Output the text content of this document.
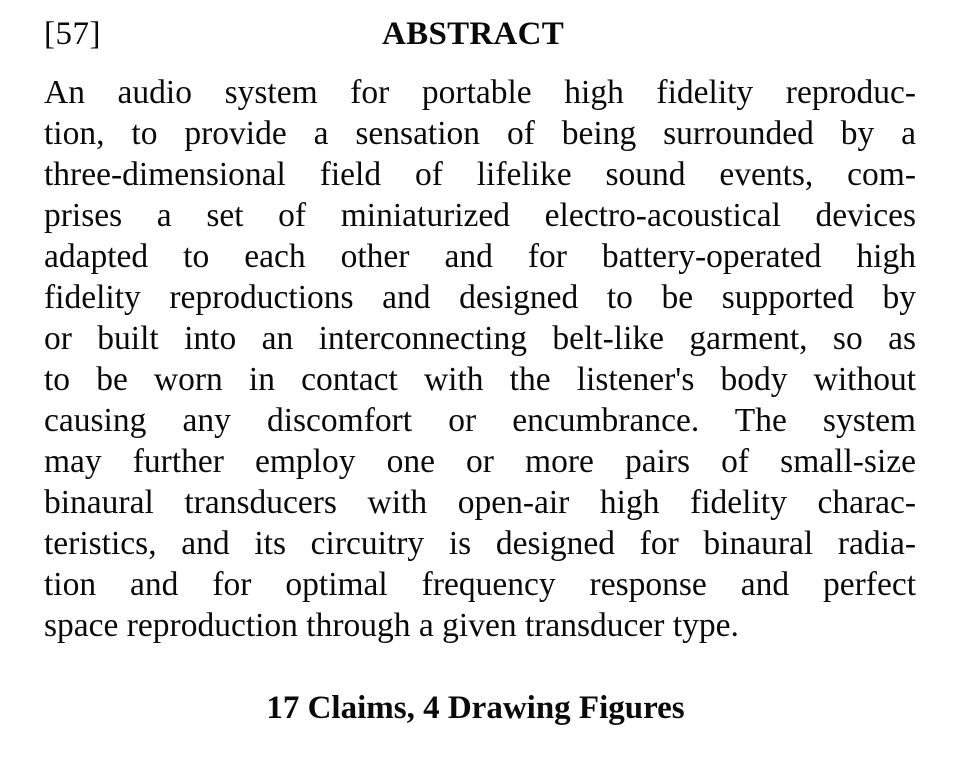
[57]	ABSTRACT
An audio system for portable high fidelity reproduc-
tion, to provide a sensation of being surrounded by a
three-dimensional field of lifelike sound events, com-
prises a set of miniaturized electro-acoustical devices
adapted to each other and for battery-operated high
fidelity reproductions and designed to be supported by
or built into an interconnecting belt-like garment, so as
to be worn in contact with the listener's body without
causing any discomfort or encumbrance. The system
may further employ one or more pairs of small-size
binaural transducers with open-air high fidelity charac-
teristics, and its circuitry is designed for binaural radia-
tion and for optimal frequency response and perfect
space reproduction through a given transducer type.
17 Claims, 4 Drawing Figures
